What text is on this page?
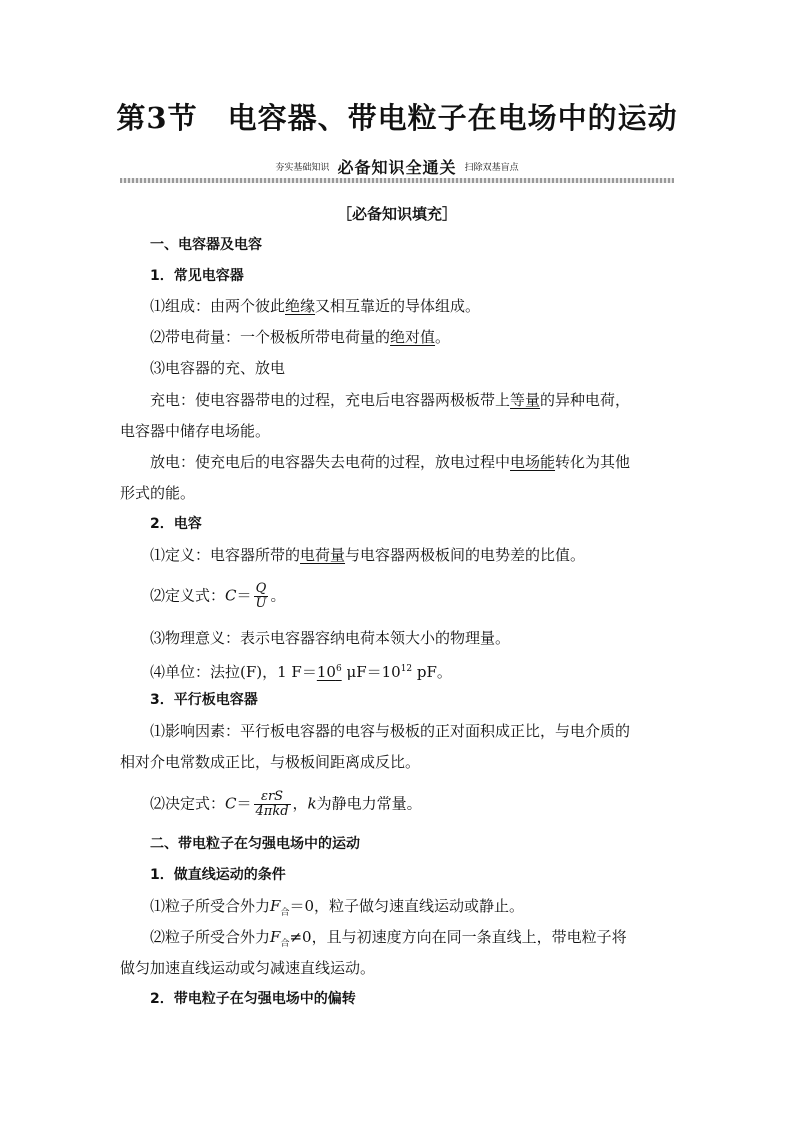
第3节　电容器、带电粒子在电场中的运动
夯实基础知识 必备知识全通关 扫除双基盲点
［必备知识填充］
一、电容器及电容
1．常见电容器
⑴组成：由两个彼此绝缘又相互靠近的导体组成。
⑵带电荷量：一个极板所带电荷量的绝对值。
⑶电容器的充、放电
充电：使电容器带电的过程，充电后电容器两极板带上等量的异种电荷，
电容器中储存电场能。
放电：使充电后的电容器失去电荷的过程，放电过程中电场能转化为其他
形式的能。
2．电容
⑴定义：电容器所带的电荷量与电容器两极板间的电势差的比值。
⑵定义式：$C= \frac{Q}{U}$ 。
⑶物理意义：表示电容器容纳电荷本领大小的物理量。
⑷单位：法拉(F)，1 $F=10^6$ $\mu F=10^{12}$ pF。
3．平行板电容器
⑴影响因素：平行板电容器的电容与极板的正对面积成正比，与电介质的
相对介电常数成正比，与极板间距离成反比。
⑵决定式：$C= \frac{\text{εrS}}{\text{4πkd}}$ ，k为静电力常量。
二、带电粒子在匀强电场中的运动
1．做直线运动的条件
⑴粒子所受合外力$F_合=0$，粒子做匀速直线运动或静止。
⑵粒子所受合外力$F_合\ne 0$，且与初速度方向在同一条直线上，带电粒子将
做匀加速直线运动或匀减速直线运动。
2．带电粒子在匀强电场中的偏转
